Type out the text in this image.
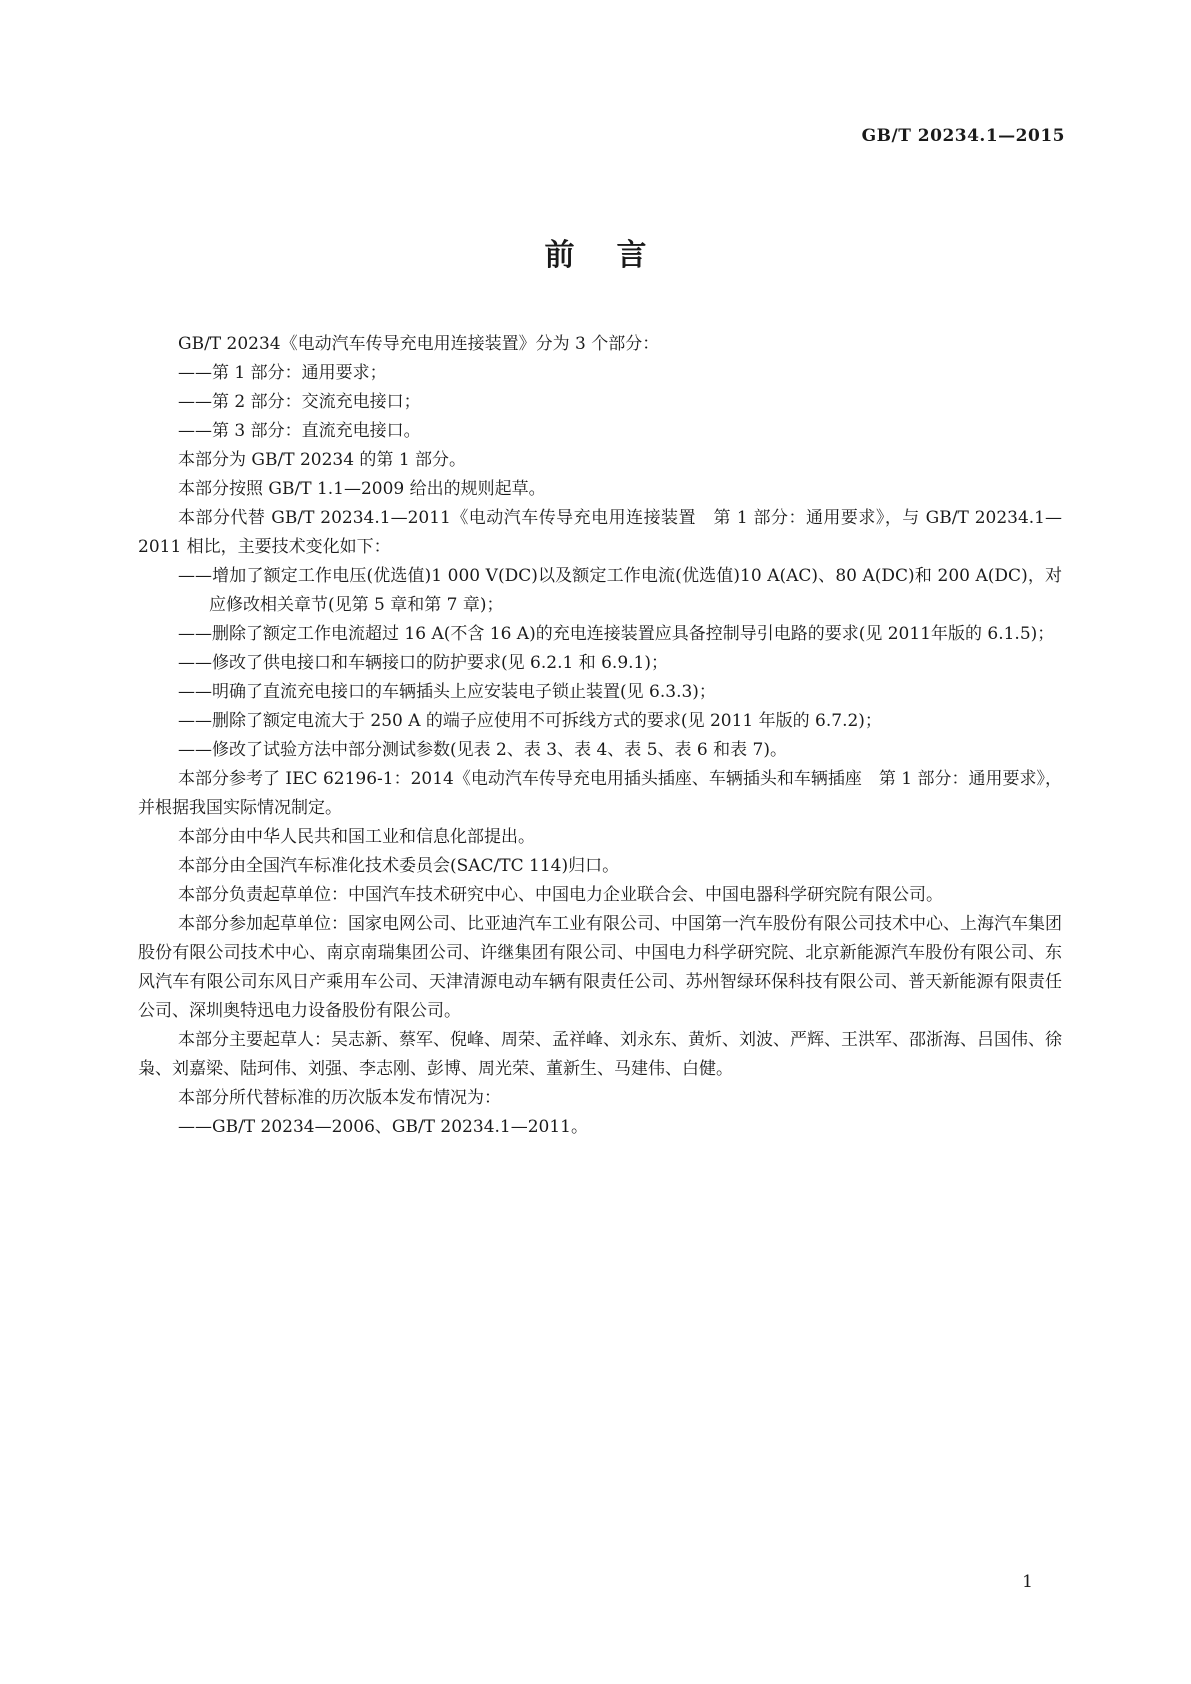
GB/T 20234.1—2015
前言

GB/T 20234《电动汽车传导充电用连接装置》分为 3 个部分：

——第 1 部分：通用要求；

——第 2 部分：交流充电接口；

——第 3 部分：直流充电接口。

本部分为 GB/T 20234 的第 1 部分。

本部分按照 GB/T 1.1—2009 给出的规则起草。

本部分代替 GB/T 20234.1—2011《电动汽车传导充电用连接装置　第 1 部分：通用要求》，与 GB/T 20234.1—2011 相比，主要技术变化如下：

——增加了额定工作电压(优选值)1 000 V(DC)以及额定工作电流(优选值)10 A(AC)、80 A(DC)和 200 A(DC)，对应修改相关章节(见第 5 章和第 7 章)；

——删除了额定工作电流超过 16 A(不含 16 A)的充电连接装置应具备控制导引电路的要求(见 2011年版的 6.1.5)；

——修改了供电接口和车辆接口的防护要求(见 6.2.1 和 6.9.1)；

——明确了直流充电接口的车辆插头上应安装电子锁止装置(见 6.3.3)；

——删除了额定电流大于 250 A 的端子应使用不可拆线方式的要求(见 2011 年版的 6.7.2)；

——修改了试验方法中部分测试参数(见表 2、表 3、表 4、表 5、表 6 和表 7)。

本部分参考了 IEC 62196-1：2014《电动汽车传导充电用插头插座、车辆插头和车辆插座　第 1 部分：通用要求》，并根据我国实际情况制定。

本部分由中华人民共和国工业和信息化部提出。

本部分由全国汽车标准化技术委员会(SAC/TC 114)归口。

本部分负责起草单位：中国汽车技术研究中心、中国电力企业联合会、中国电器科学研究院有限公司。

本部分参加起草单位：国家电网公司、比亚迪汽车工业有限公司、中国第一汽车股份有限公司技术中心、上海汽车集团股份有限公司技术中心、南京南瑞集团公司、许继集团有限公司、中国电力科学研究院、北京新能源汽车股份有限公司、东风汽车有限公司东风日产乘用车公司、天津清源电动车辆有限责任公司、苏州智绿环保科技有限公司、普天新能源有限责任公司、深圳奥特迅电力设备股份有限公司。

本部分主要起草人：吴志新、蔡军、倪峰、周荣、孟祥峰、刘永东、黄炘、刘波、严辉、王洪军、邵浙海、吕国伟、徐枭、刘嘉梁、陆珂伟、刘强、李志刚、彭博、周光荣、董新生、马建伟、白健。

本部分所代替标准的历次版本发布情况为：

——GB/T 20234—2006、GB/T 20234.1—2011。

1
